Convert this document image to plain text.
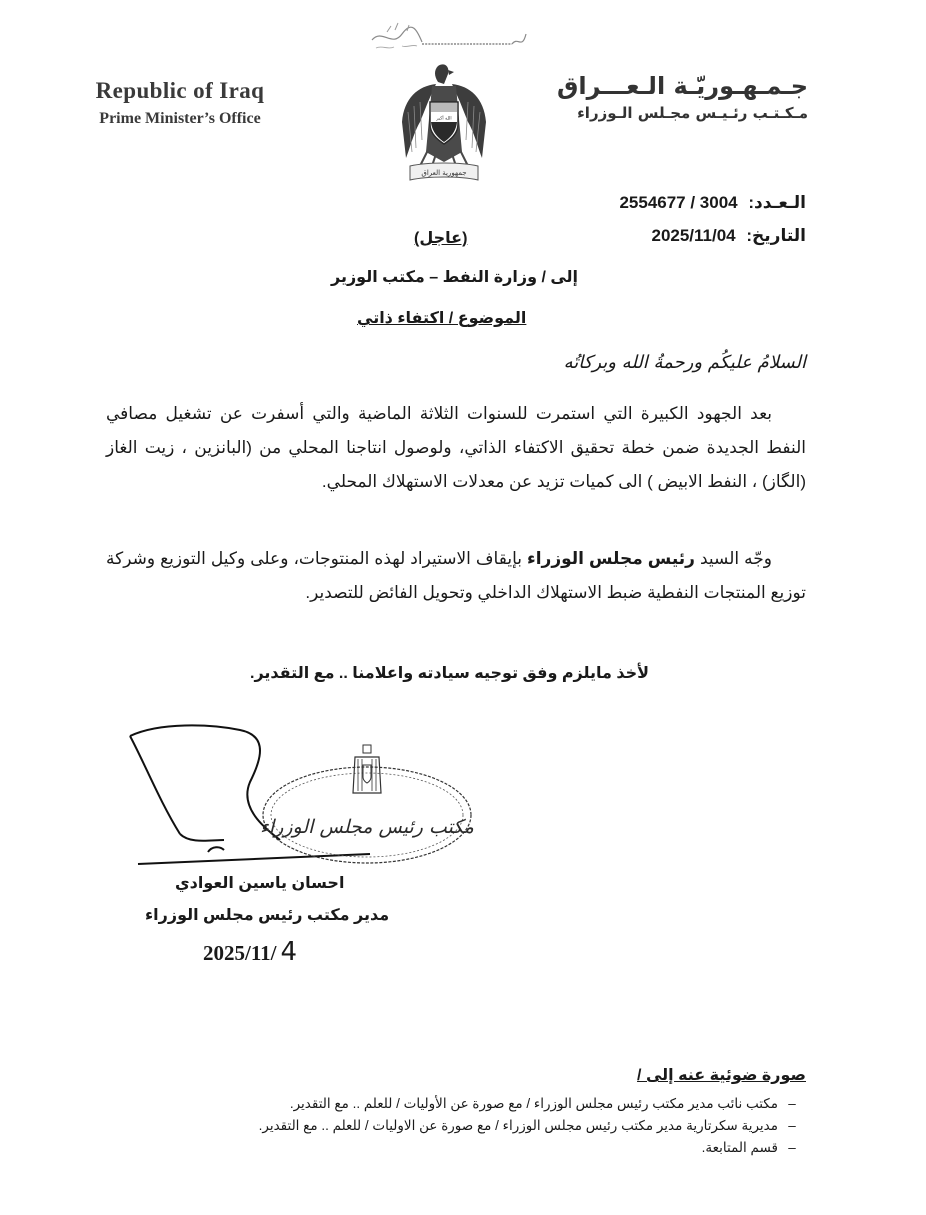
Republic of Iraq
Prime Minister’s Office	الله أكبر
جمهورية العراق
جـمـهـوريّـة الـعـــراق
مـكـتـب رئـيـس مجـلس الـوزراء
الـعـدد: 2554677 / 3004
التاريخ: 2025/11/04
(عاجل)
إلى / وزارة النفط – مكتب الوزير
الموضوع / اكتفاء ذاتي
السلامُ عليكُم ورحمةُ الله وبركاتُه
بعد الجهود الكبيرة التي استمرت للسنوات الثلاثة الماضية والتي أسفرت عن تشغيل مصافي النفط الجديدة ضمن خطة تحقيق الاكتفاء الذاتي، ولوصول انتاجنا المحلي من (البانزين ، زيت الغاز (الگاز) ، النفط الابيض ) الى كميات تزيد عن معدلات الاستهلاك المحلي.
وجّه السيد رئيس مجلس الوزراء بإيقاف الاستيراد لهذه المنتوجات، وعلى وكيل التوزيع وشركة توزيع المنتجات النفطية ضبط الاستهلاك الداخلي وتحويل الفائض للتصدير.
لأخذ مايلزم وفق توجيه سيادته واعلامنا .. مع التقدير.
مكتب رئيس مجلس الوزراء
احسان ياسين العوادي
مدير مكتب رئيس مجلس الوزراء
2025/11/ 4
صورة ضوئية عنه إلى /
–مكتب نائب مدير مكتب رئيس مجلس الوزراء / مع صورة عن الأوليات / للعلم .. مع التقدير.
–مديرية سكرتارية مدير مكتب رئيس مجلس الوزراء / مع صورة عن الاوليات / للعلم .. مع التقدير.
–قسم المتابعة.
